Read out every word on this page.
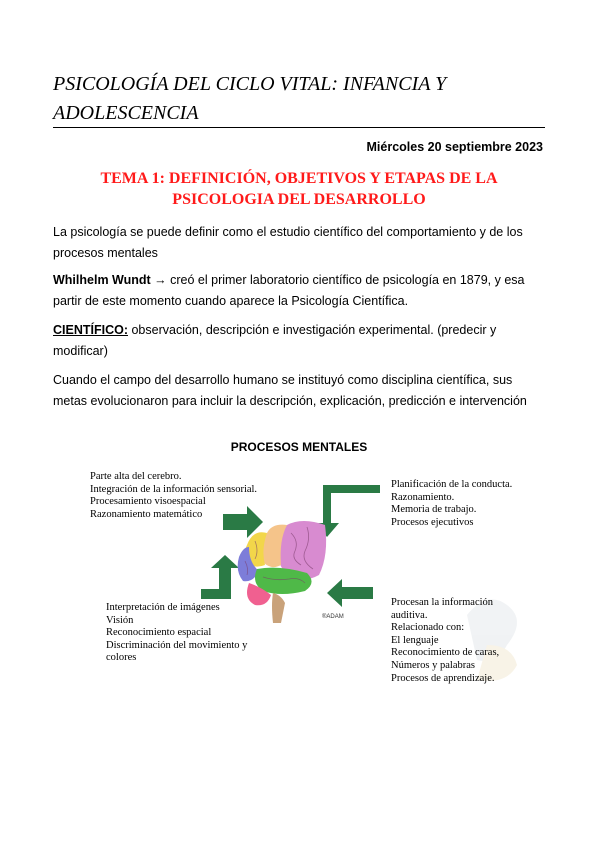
PSICOLOGÍA DEL CICLO VITAL: INFANCIA Y ADOLESCENCIA
Miércoles 20 septiembre 2023
TEMA 1: DEFINICIÓN, OBJETIVOS Y ETAPAS DE LA PSICOLOGIA DEL DESARROLLO

La psicología se puede definir como el estudio científico del comportamiento y de los procesos mentales

Whilhelm Wundt → creó el primer laboratorio científico de psicología en 1879, y esa partir de este momento cuando aparece la Psicología Científica.

CIENTÍFICO: observación, descripción e investigación experimental. (predecir y modificar)

Cuando el campo del desarrollo humano se instituyó como disciplina científica, sus metas evolucionaron para incluir la descripción, explicación, predicción e intervención

PROCESOS MENTALES
Parte alta del cerebro.
Integración de la información sensorial.
Procesamiento visoespacial
Razonamiento matemático
Planificación de la conducta.
Razonamiento.
Memoria de trabajo.
Procesos ejecutivos
Interpretación de imágenes
Visión
Reconocimiento espacial
Discriminación del movimiento y colores
Procesan la información auditiva.
Relacionado con:
El lenguaje
Reconocimiento de caras,
Números y palabras
Procesos de aprendizaje.
®ADAM
